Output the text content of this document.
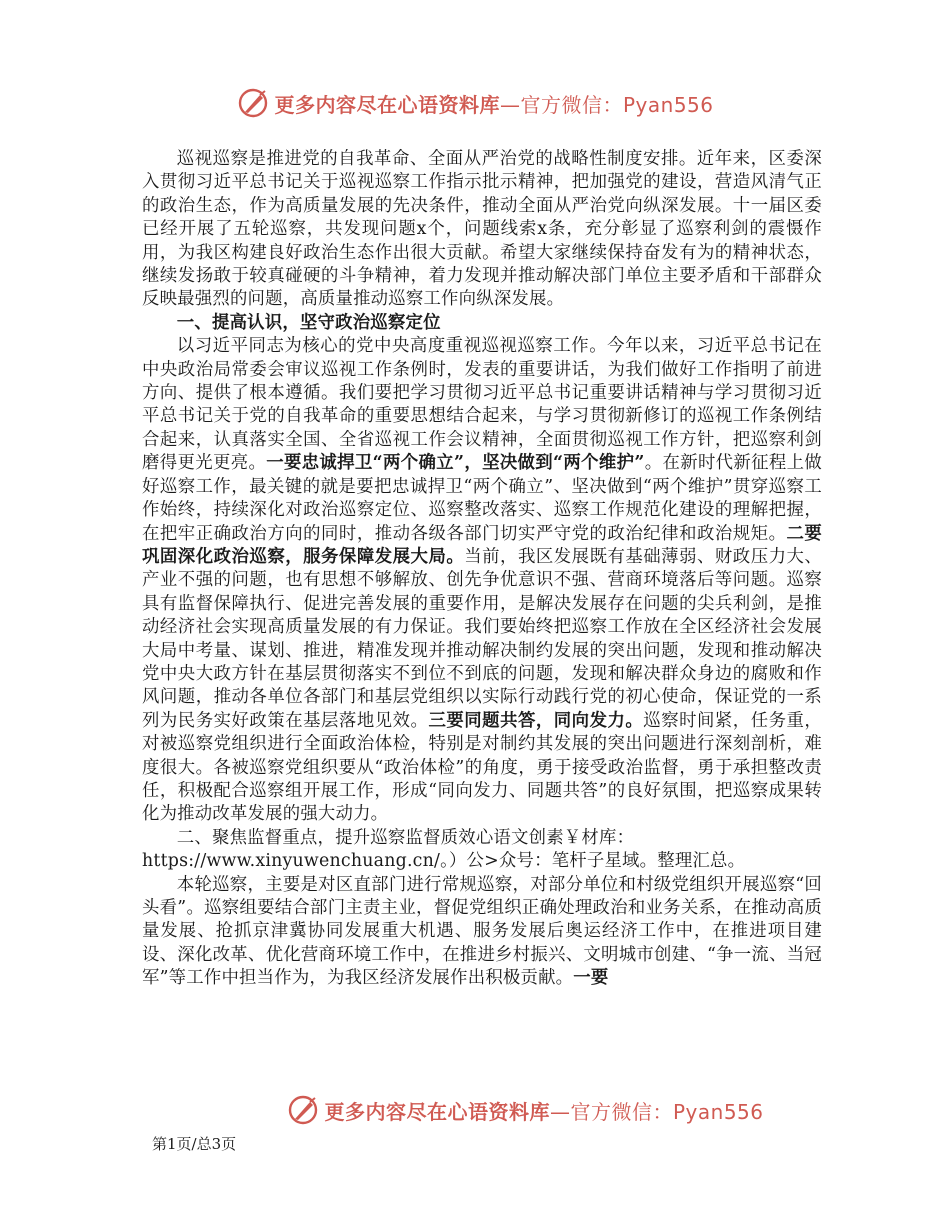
更多内容尽在心语资料库—官方微信：Pyan556

巡视巡察是推进党的自我革命、全面从严治党的战略性制度安排。近年来，区委深入贯彻习近平总书记关于巡视巡察工作指示批示精神，把加强党的建设，营造风清气正的政治生态，作为高质量发展的先决条件，推动全面从严治党向纵深发展。十一届区委已经开展了五轮巡察，共发现问题x个，问题线索x条，充分彰显了巡察利剑的震慑作用，为我区构建良好政治生态作出很大贡献。希望大家继续保持奋发有为的精神状态，继续发扬敢于较真碰硬的斗争精神，着力发现并推动解决部门单位主要矛盾和干部群众反映最强烈的问题，高质量推动巡察工作向纵深发展。

一、提高认识，坚守政治巡察定位

以习近平同志为核心的党中央高度重视巡视巡察工作。今年以来，习近平总书记在中央政治局常委会审议巡视工作条例时，发表的重要讲话，为我们做好工作指明了前进方向、提供了根本遵循。我们要把学习贯彻习近平总书记重要讲话精神与学习贯彻习近平总书记关于党的自我革命的重要思想结合起来，与学习贯彻新修订的巡视工作条例结合起来，认真落实全国、全省巡视工作会议精神，全面贯彻巡视工作方针，把巡察利剑磨得更光更亮。一要忠诚捍卫“两个确立”，坚决做到“两个维护”。在新时代新征程上做好巡察工作，最关键的就是要把忠诚捍卫“两个确立”、坚决做到“两个维护”贯穿巡察工作始终，持续深化对政治巡察定位、巡察整改落实、巡察工作规范化建设的理解把握，在把牢正确政治方向的同时，推动各级各部门切实严守党的政治纪律和政治规矩。二要巩固深化政治巡察，服务保障发展大局。当前，我区发展既有基础薄弱、财政压力大、产业不强的问题，也有思想不够解放、创先争优意识不强、营商环境落后等问题。巡察具有监督保障执行、促进完善发展的重要作用，是解决发展存在问题的尖兵利剑，是推动经济社会实现高质量发展的有力保证。我们要始终把巡察工作放在全区经济社会发展大局中考量、谋划、推进，精准发现并推动解决制约发展的突出问题，发现和推动解决党中央大政方针在基层贯彻落实不到位不到底的问题，发现和解决群众身边的腐败和作风问题，推动各单位各部门和基层党组织以实际行动践行党的初心使命，保证党的一系列为民务实好政策在基层落地见效。三要同题共答，同向发力。巡察时间紧，任务重，对被巡察党组织进行全面政治体检，特别是对制约其发展的突出问题进行深刻剖析，难度很大。各被巡察党组织要从“政治体检”的角度，勇于接受政治监督，勇于承担整改责任，积极配合巡察组开展工作，形成“同向发力、同题共答”的良好氛围，把巡察成果转化为推动改革发展的强大动力。

二、聚焦监督重点，提升巡察监督质效心语文创素￥材库：https://www.xinyuwenchuang.cn/。）公>众号：笔杆子星域。整理汇总。

本轮巡察，主要是对区直部门进行常规巡察，对部分单位和村级党组织开展巡察“回头看”。巡察组要结合部门主责主业，督促党组织正确处理政治和业务关系，在推动高质量发展、抢抓京津冀协同发展重大机遇、服务发展后奥运经济工作中，在推进项目建设、深化改革、优化营商环境工作中，在推进乡村振兴、文明城市创建、“争一流、当冠军”等工作中担当作为，为我区经济发展作出积极贡献。一要

更多内容尽在心语资料库—官方微信：Pyan556
第1页/总3页
